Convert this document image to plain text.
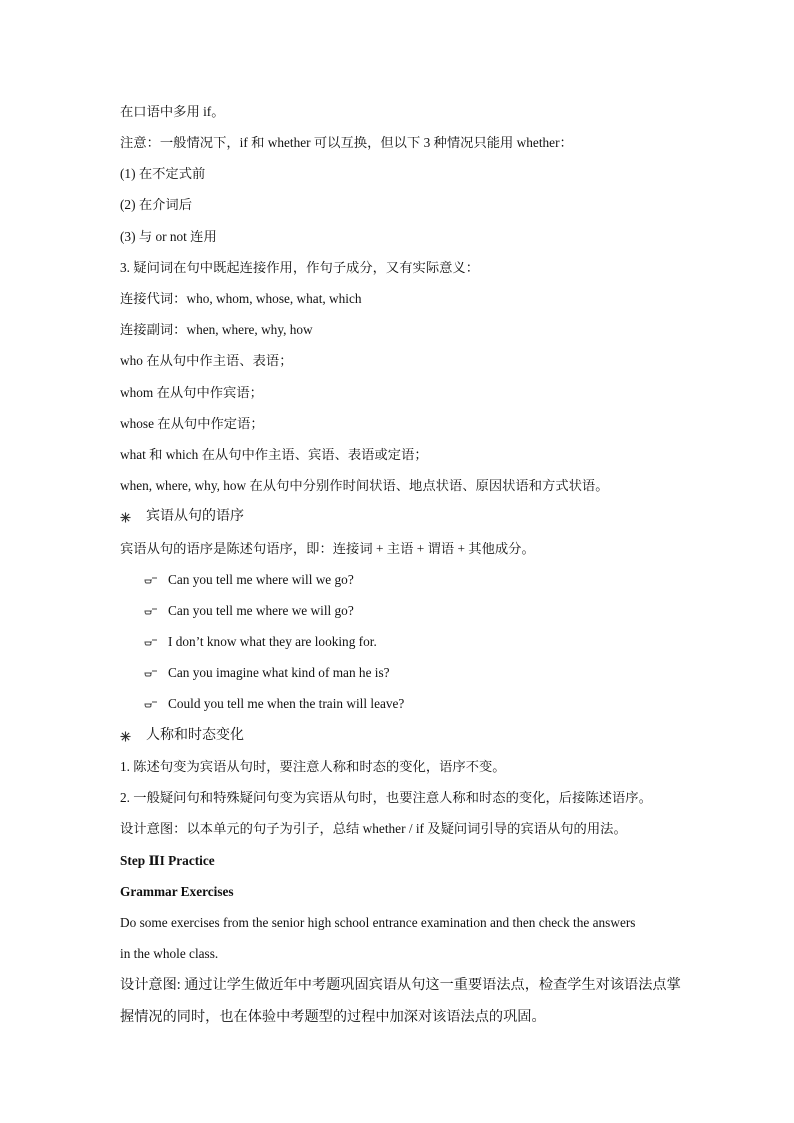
在口语中多用 if。
注意：一般情况下，if 和 whether 可以互换，但以下 3 种情况只能用 whether：
(1) 在不定式前
(2) 在介词后
(3) 与 or not 连用
3. 疑问词在句中既起连接作用，作句子成分，又有实际意义：
连接代词：who, whom, whose, what, which
连接副词：when, where, why, how
who 在从句中作主语、表语；
whom 在从句中作宾语；
whose 在从句中作定语；
what 和 which 在从句中作主语、宾语、表语或定语；
when, where, why, how 在从句中分别作时间状语、地点状语、原因状语和方式状语。
宾语从句的语序
宾语从句的语序是陈述句语序，即：连接词 + 主语 + 谓语 + 其他成分。
Can you tell me where will we go?
Can you tell me where we will go?
I don’t know what they are looking for.
Can you imagine what kind of man he is?
Could you tell me when the train will leave?
人称和时态变化
1. 陈述句变为宾语从句时，要注意人称和时态的变化，语序不变。
2. 一般疑问句和特殊疑问句变为宾语从句时，也要注意人称和时态的变化，后接陈述语序。
设计意图：以本单元的句子为引子，总结 whether / if 及疑问词引导的宾语从句的用法。
Step ⅡI Practice
Grammar Exercises
Do some exercises from the senior high school entrance examination and then check the answers
in the whole class.
设计意图: 通过让学生做近年中考题巩固宾语从句这一重要语法点，检查学生对该语法点掌
握情况的同时，也在体验中考题型的过程中加深对该语法点的巩固。
